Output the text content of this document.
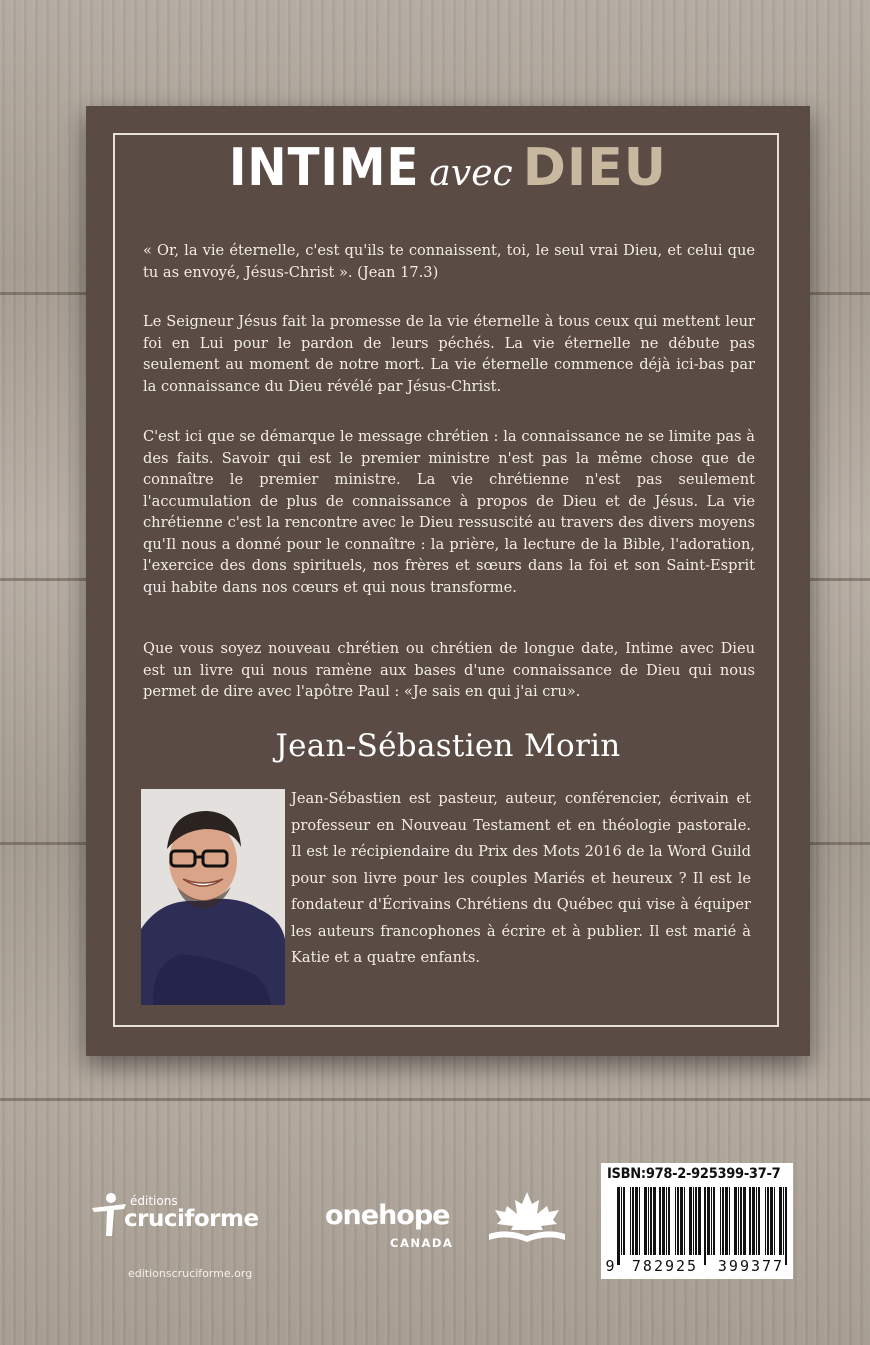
INTIME avec DIEU

« Or, la vie éternelle, c'est qu'ils te connaissent, toi, le seul vrai Dieu, et celui que tu as envoyé, Jésus-Christ ». (Jean 17.3)

Le Seigneur Jésus fait la promesse de la vie éternelle à tous ceux qui mettent leur foi en Lui pour le pardon de leurs péchés. La vie éternelle ne débute pas seulement au moment de notre mort. La vie éternelle commence déjà ici-bas par la connaissance du Dieu révélé par Jésus-Christ.

C'est ici que se démarque le message chrétien : la connaissance ne se limite pas à des faits. Savoir qui est le premier ministre n'est pas la même chose que de connaître le premier ministre. La vie chrétienne n'est pas seulement l'accumulation de plus de connaissance à propos de Dieu et de Jésus. La vie chrétienne c'est la rencontre avec le Dieu ressuscité au travers des divers moyens qu'Il nous a donné pour le connaître : la prière, la lecture de la Bible, l'adoration, l'exercice des dons spirituels, nos frères et sœurs dans la foi et son Saint-Esprit qui habite dans nos cœurs et qui nous transforme.

Que vous soyez nouveau chrétien ou chrétien de longue date, Intime avec Dieu est un livre qui nous ramène aux bases d'une connaissance de Dieu qui nous permet de dire avec l'apôtre Paul : «Je sais en qui j'ai cru».

Jean-Sébastien Morin

Jean-Sébastien est pasteur, auteur, conférencier, écrivain et professeur en Nouveau Testament et en théologie pastorale. Il est le récipiendaire du Prix des Mots 2016 de la Word Guild pour son livre pour les couples Mariés et heureux ? Il est le fondateur d'Écrivains Chrétiens du Québec qui vise à équiper les auteurs francophones à écrire et à publier. Il est marié à Katie et a quatre enfants.

éditions
cruciforme
editionscruciforme.org
onehope
CANADA
ISBN:978-2-925399-37-7
9	782925	399377
